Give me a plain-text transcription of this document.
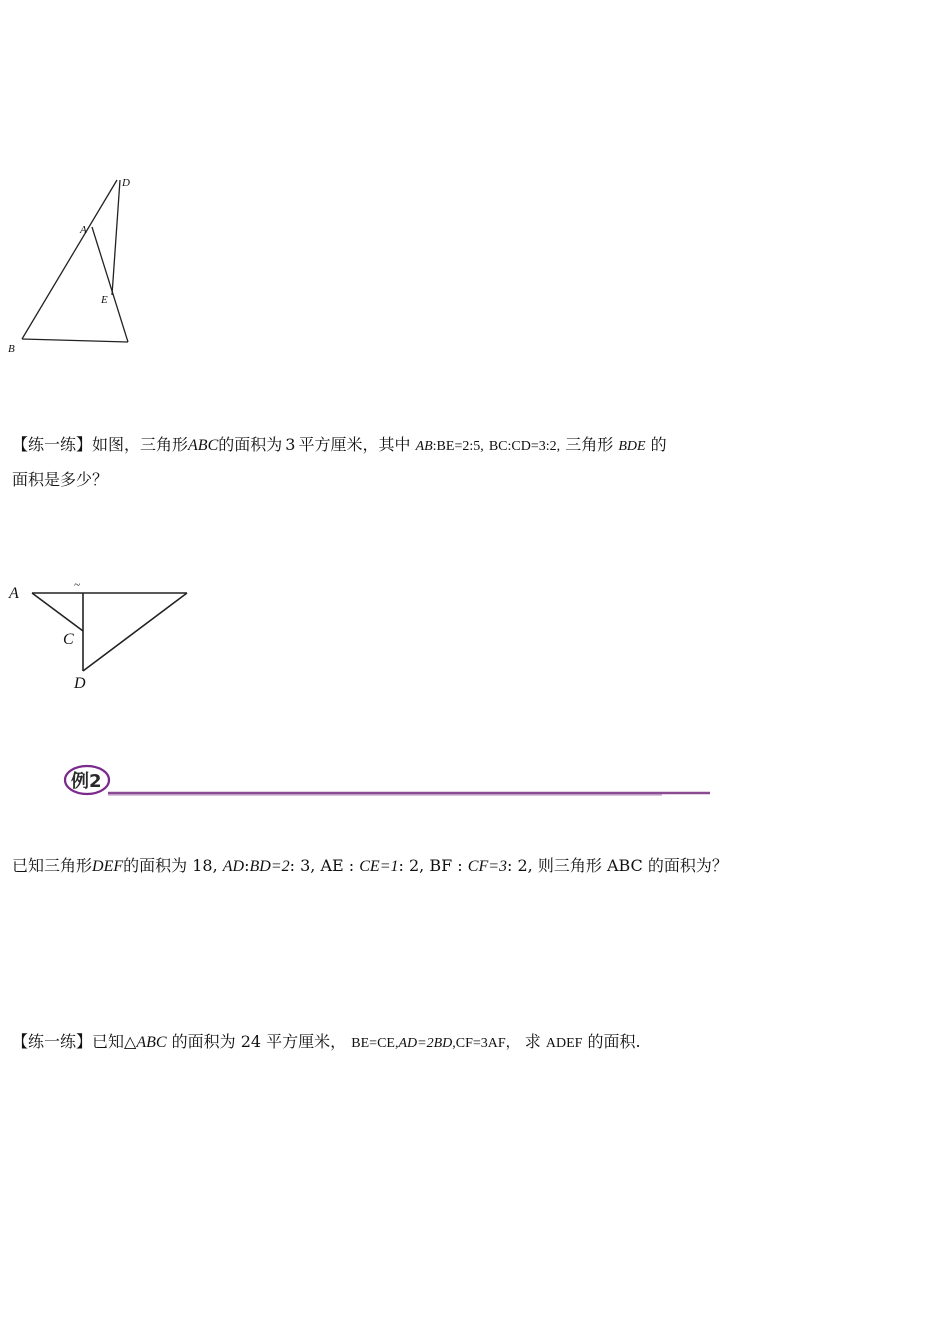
D
A
E
B
【练一练】如图，三角形ABC的面积为 3 平方厘米，其中 AB:BE=2:5, BC:CD=3:2, 三角形 BDE 的
面积是多少？
A	~
C
D
例2
已知三角形DEF的面积为 18, AD:BD=2: 3, AE : CE=1: 2, BF : CF=3: 2, 则三角形 ABC 的面积为？
【练一练】已知△ABC 的面积为 24 平方厘米， BE=CE,AD=2BD,CF=3AF， 求 ADEF 的面积.
